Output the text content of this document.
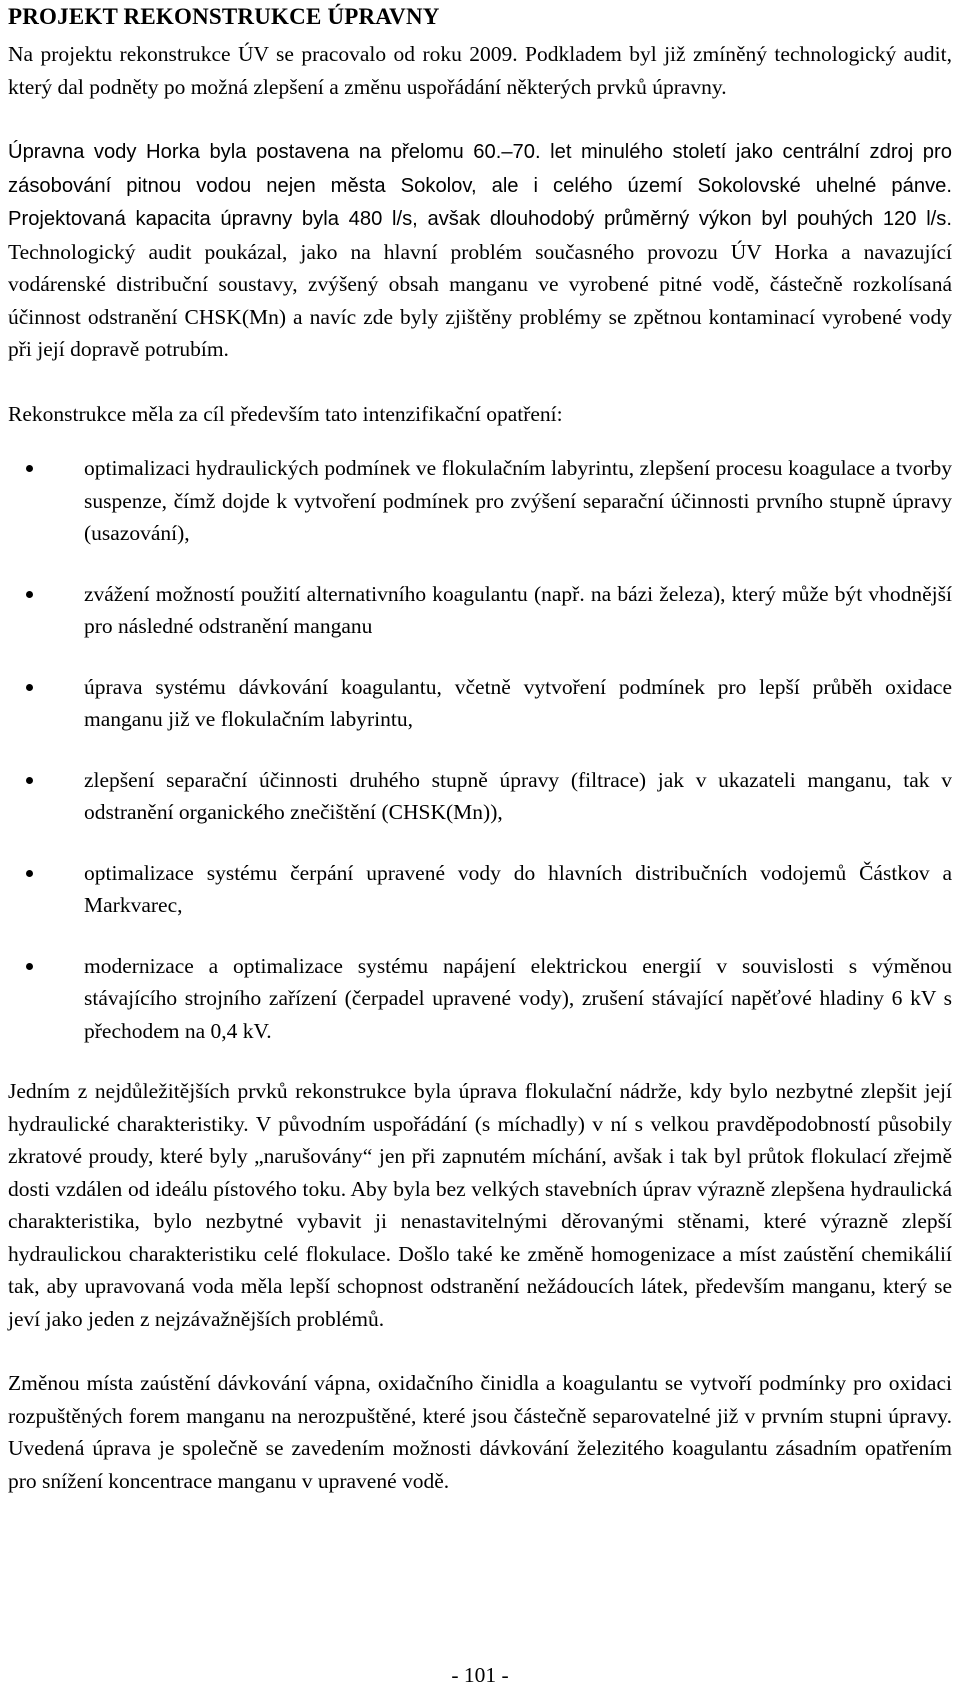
PROJEKT REKONSTRUKCE ÚPRAVNY

Na projektu rekonstrukce ÚV se pracovalo od roku 2009. Podkladem byl již zmíněný technologický audit, který dal podněty po možná zlepšení a změnu uspořádání některých prvků úpravny.

Úpravna vody Horka byla postavena na přelomu 60.–70. let minulého století jako centrální zdroj pro zásobování pitnou vodou nejen města Sokolov, ale i celého území Sokolovské uhelné pánve. Projektovaná kapacita úpravny byla 480 l/s, avšak dlouhodobý průměrný výkon byl pouhých 120 l/s. Technologický audit poukázal, jako na hlavní problém současného provozu ÚV Horka a navazující vodárenské distribuční soustavy, zvýšený obsah manganu ve vyrobené pitné vodě, částečně rozkolísaná účinnost odstranění CHSK(Mn) a navíc zde byly zjištěny problémy se zpětnou kontaminací vyrobené vody při její dopravě potrubím.

Rekonstrukce měla za cíl především tato intenzifikační opatření:

optimalizaci hydraulických podmínek ve flokulačním labyrintu, zlepšení procesu koagulace a tvorby suspenze, čímž dojde k vytvoření podmínek pro zvýšení separační účinnosti prvního stupně úpravy (usazování),
zvážení možností použití alternativního koagulantu (např. na bázi železa), který může být vhodnější pro následné odstranění manganu
úprava systému dávkování koagulantu, včetně vytvoření podmínek pro lepší průběh oxidace manganu již ve flokulačním labyrintu,
zlepšení separační účinnosti druhého stupně úpravy (filtrace) jak v ukazateli manganu, tak v odstranění organického znečištění (CHSK(Mn)),
optimalizace systému čerpání upravené vody do hlavních distribučních vodojemů Částkov a Markvarec,
modernizace a optimalizace systému napájení elektrickou energií v souvislosti s výměnou stávajícího strojního zařízení (čerpadel upravené vody), zrušení stávající napěťové hladiny 6 kV s přechodem na 0,4 kV.

Jedním z nejdůležitějších prvků rekonstrukce byla úprava flokulační nádrže, kdy bylo nezbytné zlepšit její hydraulické charakteristiky. V původním uspořádání (s míchadly) v ní s velkou pravděpodobností působily zkratové proudy, které byly „narušovány“ jen při zapnutém míchání, avšak i tak byl průtok flokulací zřejmě dosti vzdálen od ideálu pístového toku. Aby byla bez velkých stavebních úprav výrazně zlepšena hydraulická charakteristika, bylo nezbytné vybavit ji nenastavitelnými děrovanými stěnami, které výrazně zlepší hydraulickou charakteristiku celé flokulace. Došlo také ke změně homogenizace a míst zaústění chemikálií tak, aby upravovaná voda měla lepší schopnost odstranění nežádoucích látek, především manganu, který se jeví jako jeden z nejzávažnějších problémů.

Změnou místa zaústění dávkování vápna, oxidačního činidla a koagulantu se vytvoří podmínky pro oxidaci rozpuštěných forem manganu na nerozpuštěné, které jsou částečně separovatelné již v prvním stupni úpravy. Uvedená úprava je společně se zavedením možnosti dávkování železitého koagulantu zásadním opatřením pro snížení koncentrace manganu v upravené vodě.

- 101 -
